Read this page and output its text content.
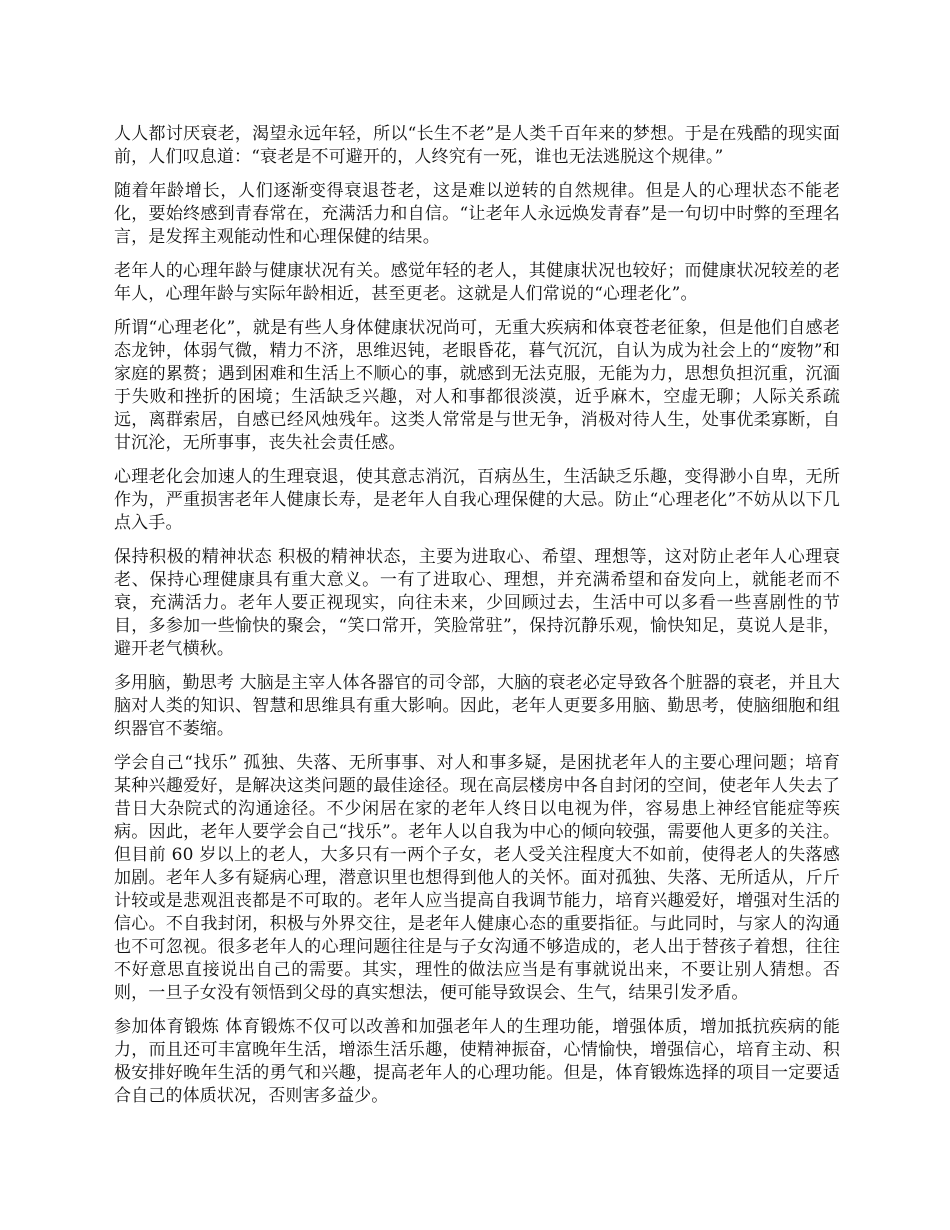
人人都讨厌衰老，渴望永远年轻，所以“长生不老”是人类千百年来的梦想。于是在残酷的现实面前，人们叹息道：“衰老是不可避开的，人终究有一死，谁也无法逃脱这个规律。”

随着年龄增长，人们逐渐变得衰退苍老，这是难以逆转的自然规律。但是人的心理状态不能老化，要始终感到青春常在，充满活力和自信。“让老年人永远焕发青春”是一句切中时弊的至理名言，是发挥主观能动性和心理保健的结果。

老年人的心理年龄与健康状况有关。感觉年轻的老人，其健康状况也较好；而健康状况较差的老年人，心理年龄与实际年龄相近，甚至更老。这就是人们常说的“心理老化”。

所谓“心理老化”，就是有些人身体健康状况尚可，无重大疾病和体衰苍老征象，但是他们自感老态龙钟，体弱气微，精力不济，思维迟钝，老眼昏花，暮气沉沉，自认为成为社会上的“废物”和家庭的累赘；遇到困难和生活上不顺心的事，就感到无法克服，无能为力，思想负担沉重，沉湎于失败和挫折的困境；生活缺乏兴趣，对人和事都很淡漠，近乎麻木，空虚无聊；人际关系疏远，离群索居，自感已经风烛残年。这类人常常是与世无争，消极对待人生，处事优柔寡断，自甘沉沦，无所事事，丧失社会责任感。

心理老化会加速人的生理衰退，使其意志消沉，百病丛生，生活缺乏乐趣，变得渺小自卑，无所作为，严重损害老年人健康长寿，是老年人自我心理保健的大忌。防止“心理老化”不妨从以下几点入手。

保持积极的精神状态 积极的精神状态，主要为进取心、希望、理想等，这对防止老年人心理衰老、保持心理健康具有重大意义。一有了进取心、理想，并充满希望和奋发向上，就能老而不衰，充满活力。老年人要正视现实，向往未来，少回顾过去，生活中可以多看一些喜剧性的节目，多参加一些愉快的聚会，“笑口常开，笑脸常驻”，保持沉静乐观，愉快知足，莫说人是非，避开老气横秋。

多用脑，勤思考 大脑是主宰人体各器官的司令部，大脑的衰老必定导致各个脏器的衰老，并且大脑对人类的知识、智慧和思维具有重大影响。因此，老年人更要多用脑、勤思考，使脑细胞和组织器官不萎缩。

学会自己“找乐” 孤独、失落、无所事事、对人和事多疑，是困扰老年人的主要心理问题；培育某种兴趣爱好，是解决这类问题的最佳途径。现在高层楼房中各自封闭的空间，使老年人失去了昔日大杂院式的沟通途径。不少闲居在家的老年人终日以电视为伴，容易患上神经官能症等疾病。因此，老年人要学会自己“找乐”。老年人以自我为中心的倾向较强，需要他人更多的关注。但目前 60 岁以上的老人，大多只有一两个子女，老人受关注程度大不如前，使得老人的失落感加剧。老年人多有疑病心理，潜意识里也想得到他人的关怀。面对孤独、失落、无所适从，斤斤计较或是悲观沮丧都是不可取的。老年人应当提高自我调节能力，培育兴趣爱好，增强对生活的信心。不自我封闭，积极与外界交往，是老年人健康心态的重要指征。与此同时，与家人的沟通也不可忽视。很多老年人的心理问题往往是与子女沟通不够造成的，老人出于替孩子着想，往往不好意思直接说出自己的需要。其实，理性的做法应当是有事就说出来，不要让别人猜想。否则，一旦子女没有领悟到父母的真实想法，便可能导致误会、生气，结果引发矛盾。

参加体育锻炼 体育锻炼不仅可以改善和加强老年人的生理功能，增强体质，增加抵抗疾病的能力，而且还可丰富晚年生活，增添生活乐趣，使精神振奋，心情愉快，增强信心，培育主动、积极安排好晚年生活的勇气和兴趣，提高老年人的心理功能。但是，体育锻炼选择的项目一定要适合自己的体质状况，否则害多益少。
